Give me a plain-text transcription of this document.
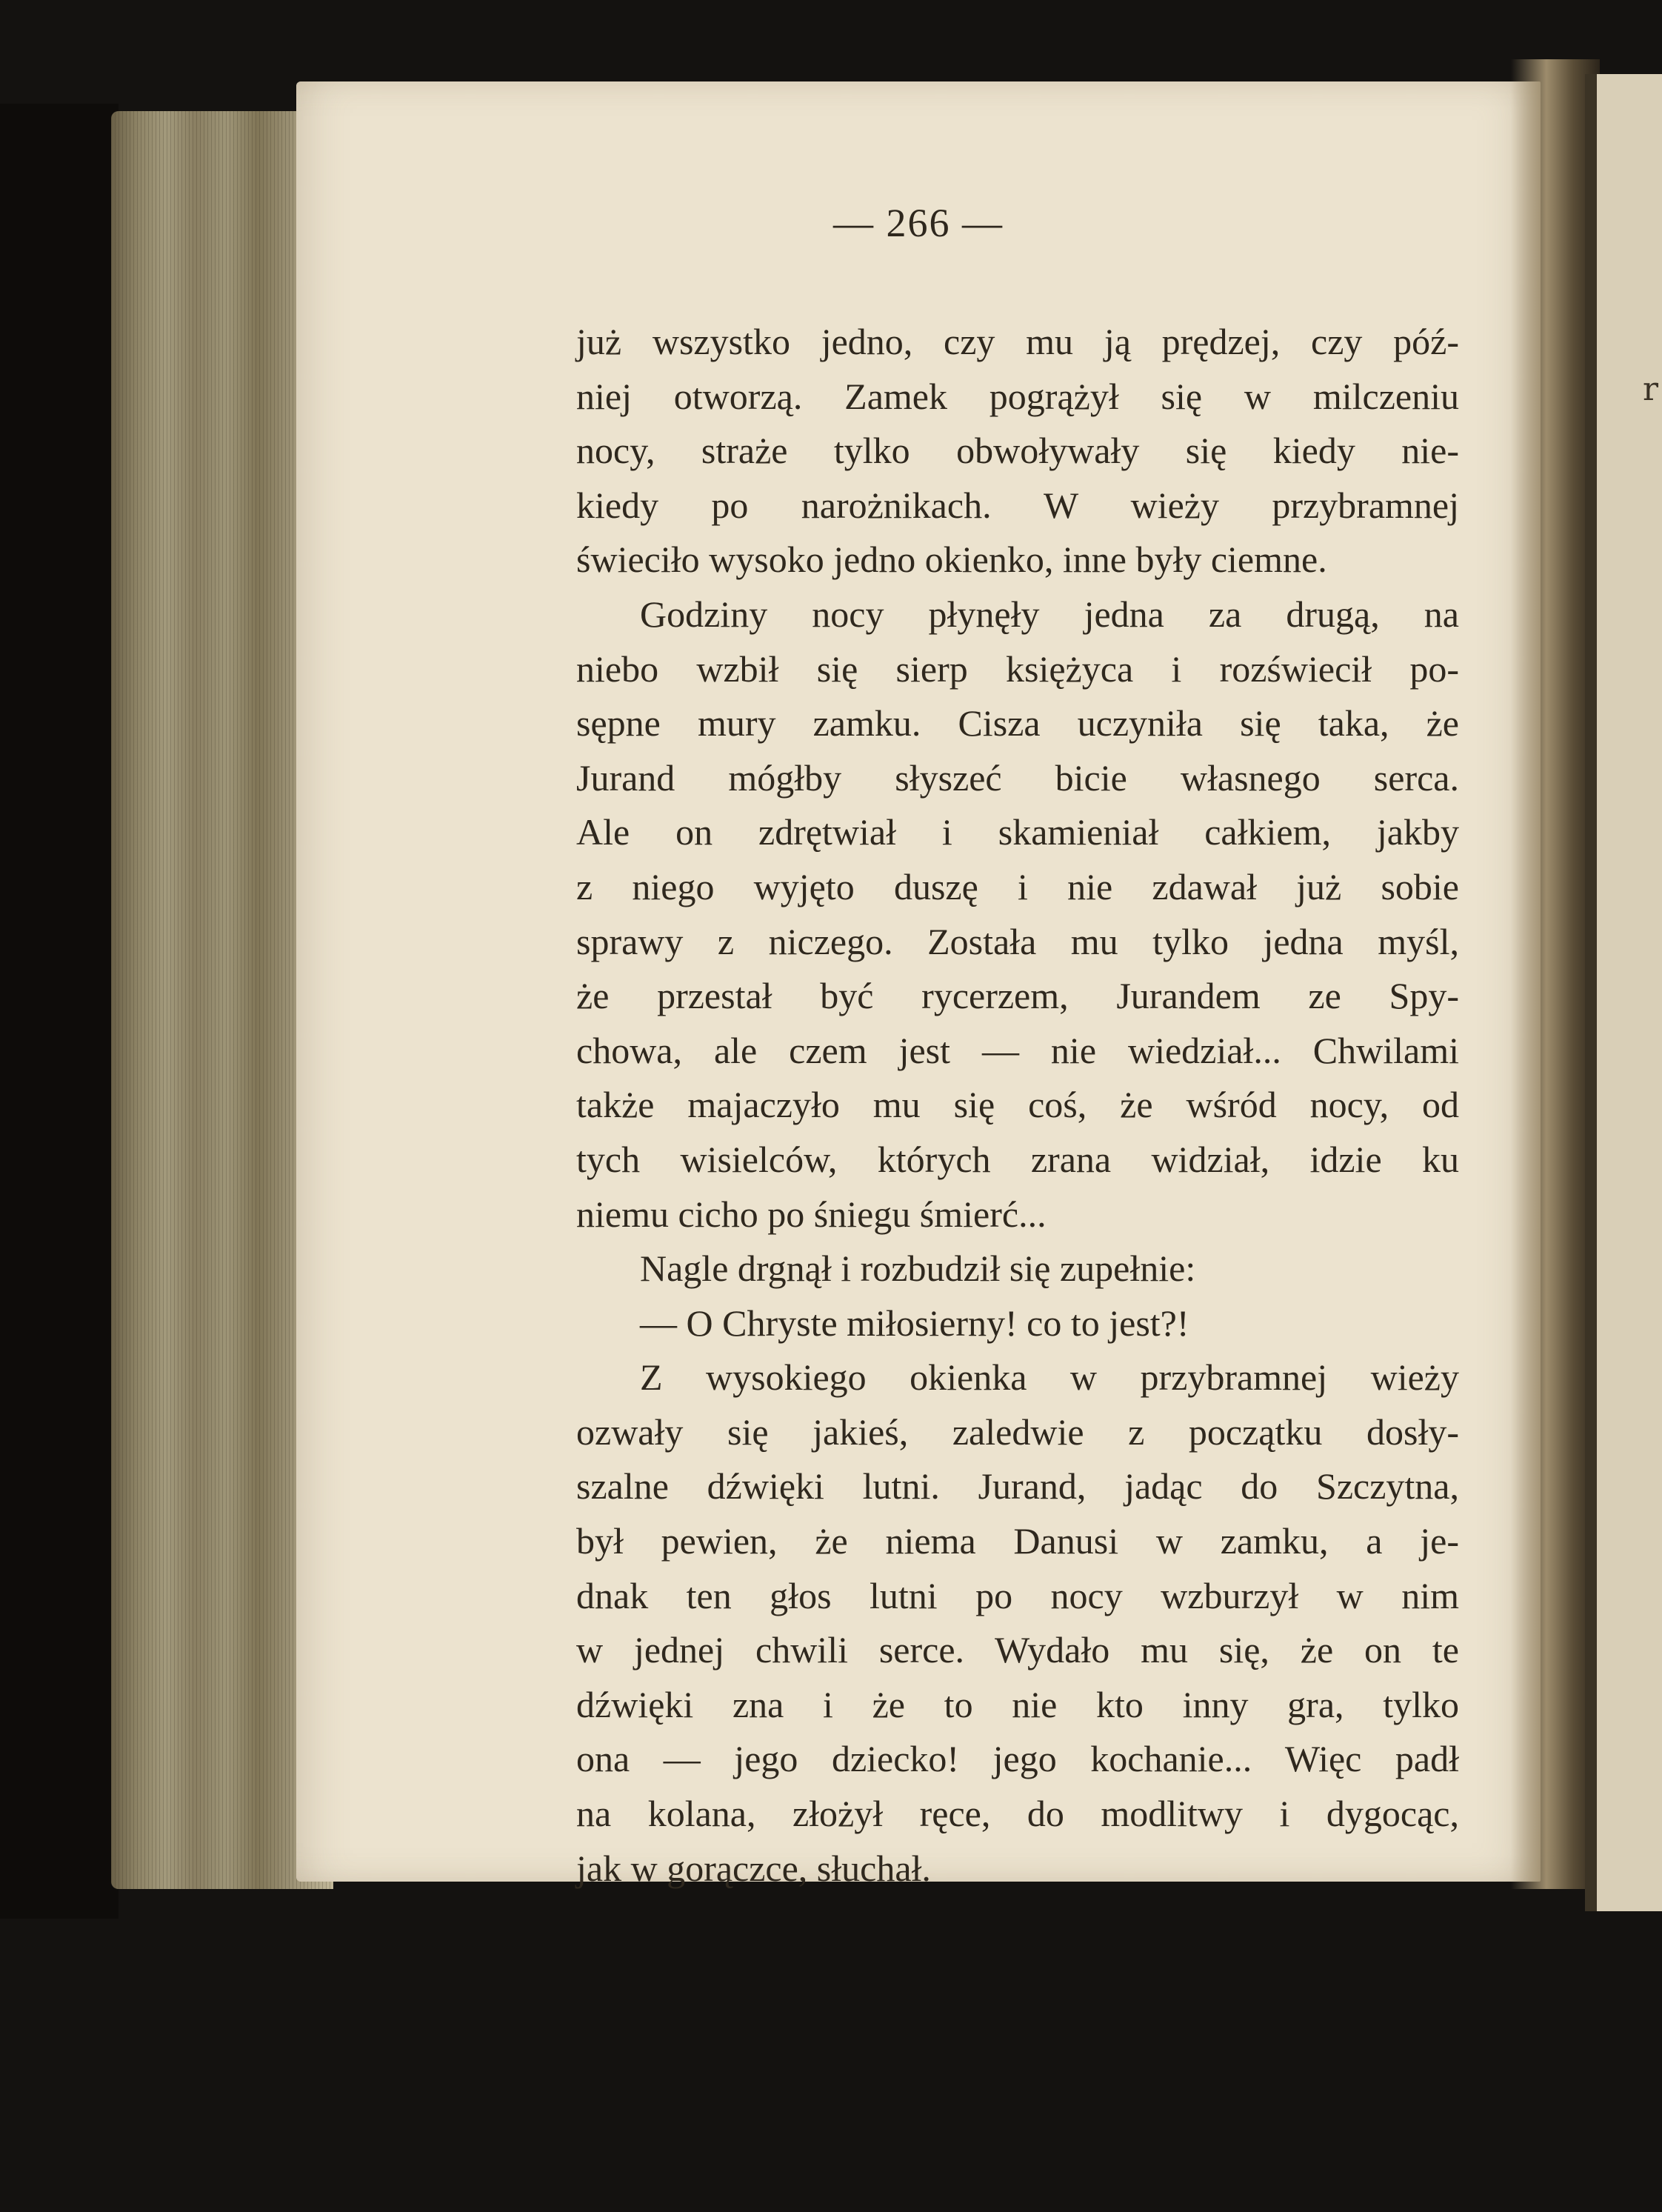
r
— 266 —
już wszystko jedno, czy mu ją prędzej, czy póź-
niej otworzą. Zamek pogrążył się w milczeniu
nocy, straże tylko obwoływały się kiedy nie-
kiedy po narożnikach. W wieży przybramnej
świeciło wysoko jedno okienko, inne były ciemne.
Godziny nocy płynęły jedna za drugą, na
niebo wzbił się sierp księżyca i rozświecił po-
sępne mury zamku. Cisza uczyniła się taka, że
Jurand mógłby słyszeć bicie własnego serca.
Ale on zdrętwiał i skamieniał całkiem, jakby
z niego wyjęto duszę i nie zdawał już sobie
sprawy z niczego. Została mu tylko jedna myśl,
że przestał być rycerzem, Jurandem ze Spy-
chowa, ale czem jest — nie wiedział... Chwilami
także majaczyło mu się coś, że wśród nocy, od
tych wisielców, których zrana widział, idzie ku
niemu cicho po śniegu śmierć...
Nagle drgnął i rozbudził się zupełnie:
— O Chryste miłosierny! co to jest?!
Z wysokiego okienka w przybramnej wieży
ozwały się jakieś, zaledwie z początku dosły-
szalne dźwięki lutni. Jurand, jadąc do Szczytna,
był pewien, że niema Danusi w zamku, a je-
dnak ten głos lutni po nocy wzburzył w nim
w jednej chwili serce. Wydało mu się, że on te
dźwięki zna i że to nie kto inny gra, tylko
ona — jego dziecko! jego kochanie... Więc padł
na kolana, złożył ręce, do modlitwy i dygocąc,
jak w gorączce, słuchał.
